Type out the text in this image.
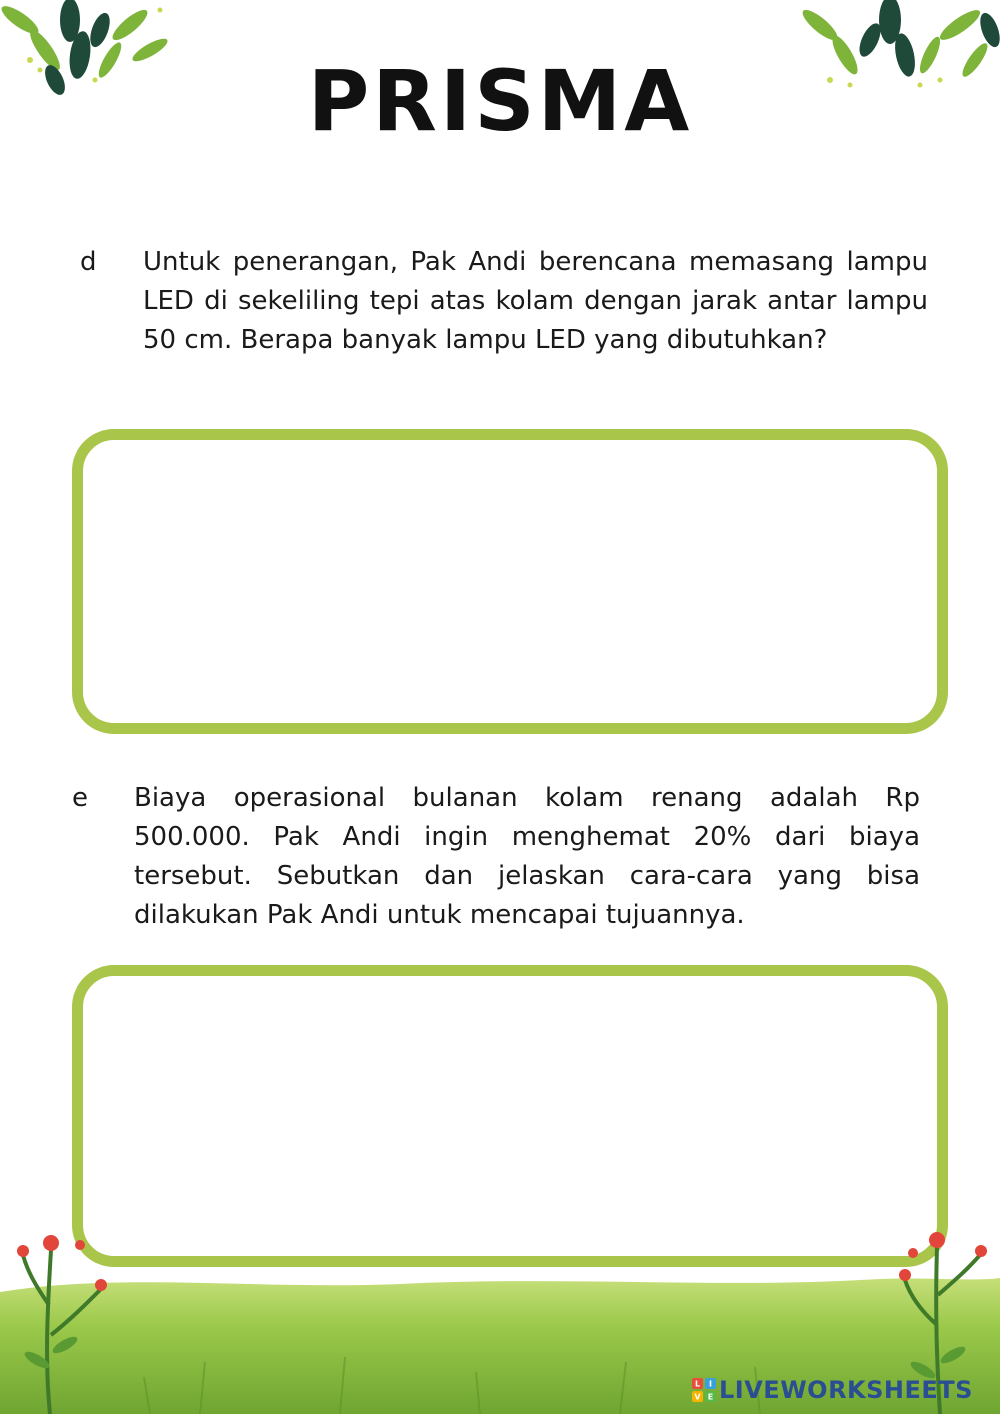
PRISMA
d Untuk penerangan, Pak Andi berencana memasang lampu LED di sekeliling tepi atas kolam dengan jarak antar lampu 50 cm. Berapa banyak lampu LED yang dibutuhkan?
e Biaya operasional bulanan kolam renang adalah Rp 500.000. Pak Andi ingin menghemat 20% dari biaya tersebut. Sebutkan dan jelaskan cara-cara yang bisa dilakukan Pak Andi untuk mencapai tujuannya.
L I
V E LIVEWORKSHEETS
